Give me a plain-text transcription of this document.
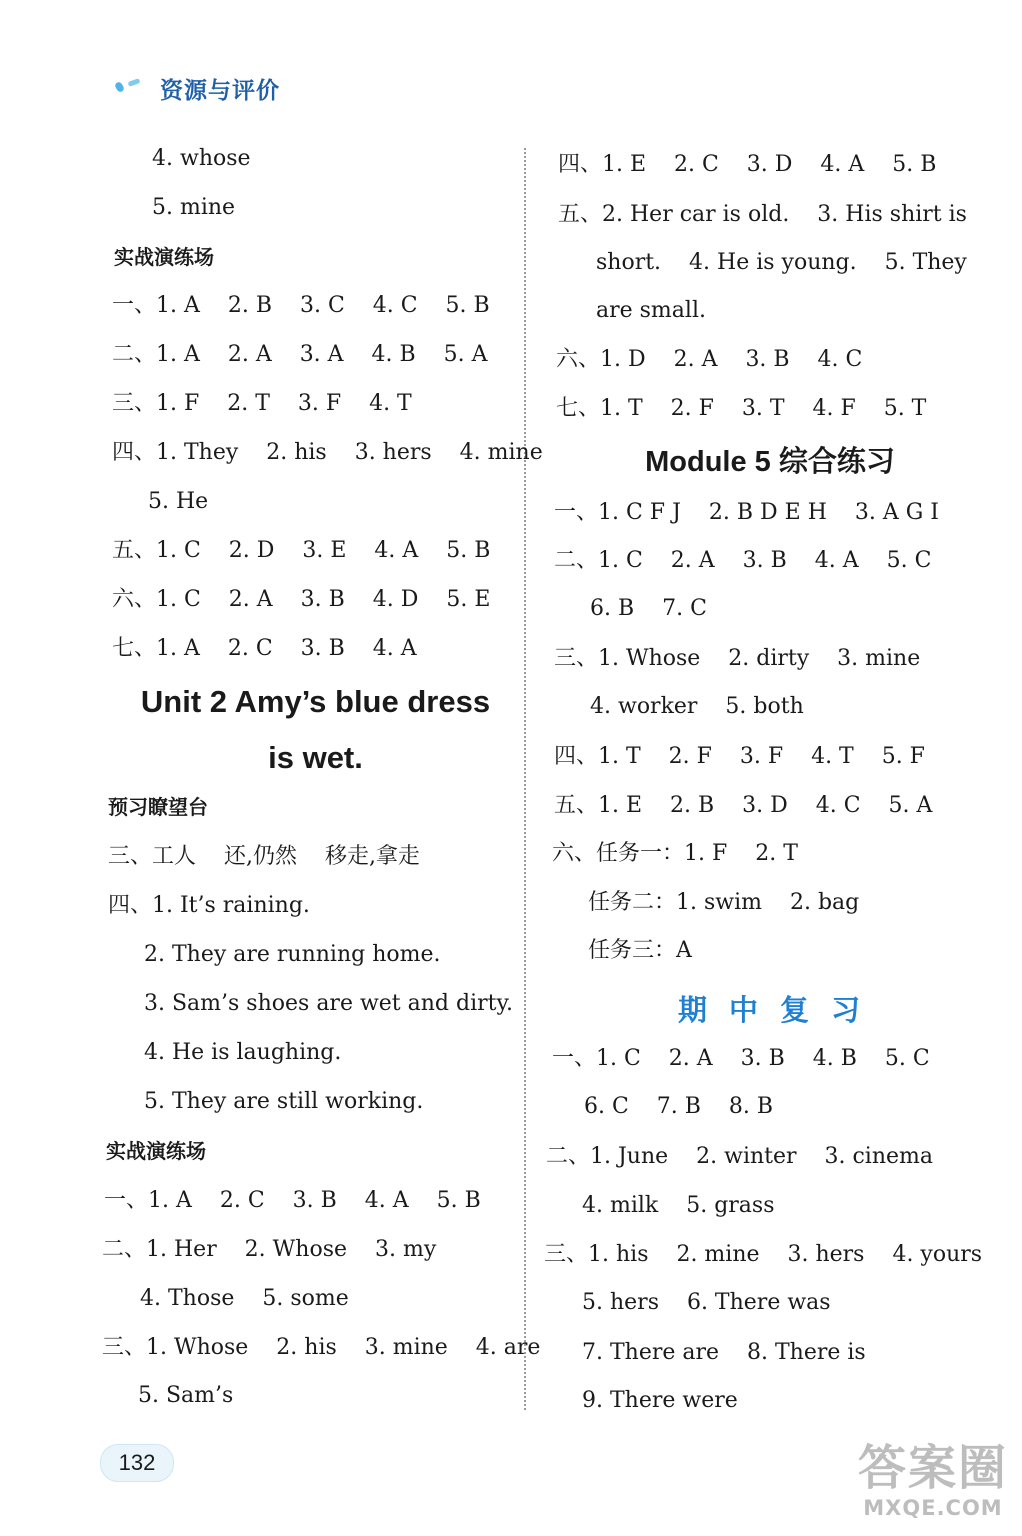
资源与评价
4. whose
5. mine
实战演练场
一、1. A    2. B    3. C    4. C    5. B
二、1. A    2. A    3. A    4. B    5. A
三、1. F    2. T    3. F    4. T
四、1. They    2. his    3. hers    4. mine
5. He
五、1. C    2. D    3. E    4. A    5. B
六、1. C    2. A    3. B    4. D    5. E
七、1. A    2. C    3. B    4. A
Unit 2 Amy’s blue dress
is wet.
预习瞭望台
三、工人    还,仍然    移走,拿走
四、1. It’s raining.
2. They are running home.
3. Sam’s shoes are wet and dirty.
4. He is laughing.
5. They are still working.
实战演练场
一、1. A    2. C    3. B    4. A    5. B
二、1. Her    2. Whose    3. my
4. Those    5. some
三、1. Whose    2. his    3. mine    4. are
5. Sam’s
四、1. E    2. C    3. D    4. A    5. B
五、2. Her car is old.    3. His shirt is
short.    4. He is young.    5. They
are small.
六、1. D    2. A    3. B    4. C
七、1. T    2. F    3. T    4. F    5. T
Module 5 综合练习
一、1. C F J    2. B D E H    3. A G I
二、1. C    2. A    3. B    4. A    5. C
6. B    7. C
三、1. Whose    2. dirty    3. mine
4. worker    5. both
四、1. T    2. F    3. F    4. T    5. F
五、1. E    2. B    3. D    4. C    5. A
六、任务一：1. F    2. T
任务二：1. swim    2. bag
任务三：A
期中复习
一、1. C    2. A    3. B    4. B    5. C
6. C    7. B    8. B
二、1. June    2. winter    3. cinema
4. milk    5. grass
三、1. his    2. mine    3. hers    4. yours
5. hers    6. There was
7. There are    8. There is
9. There were
132	答案圈
MXQE.COM
